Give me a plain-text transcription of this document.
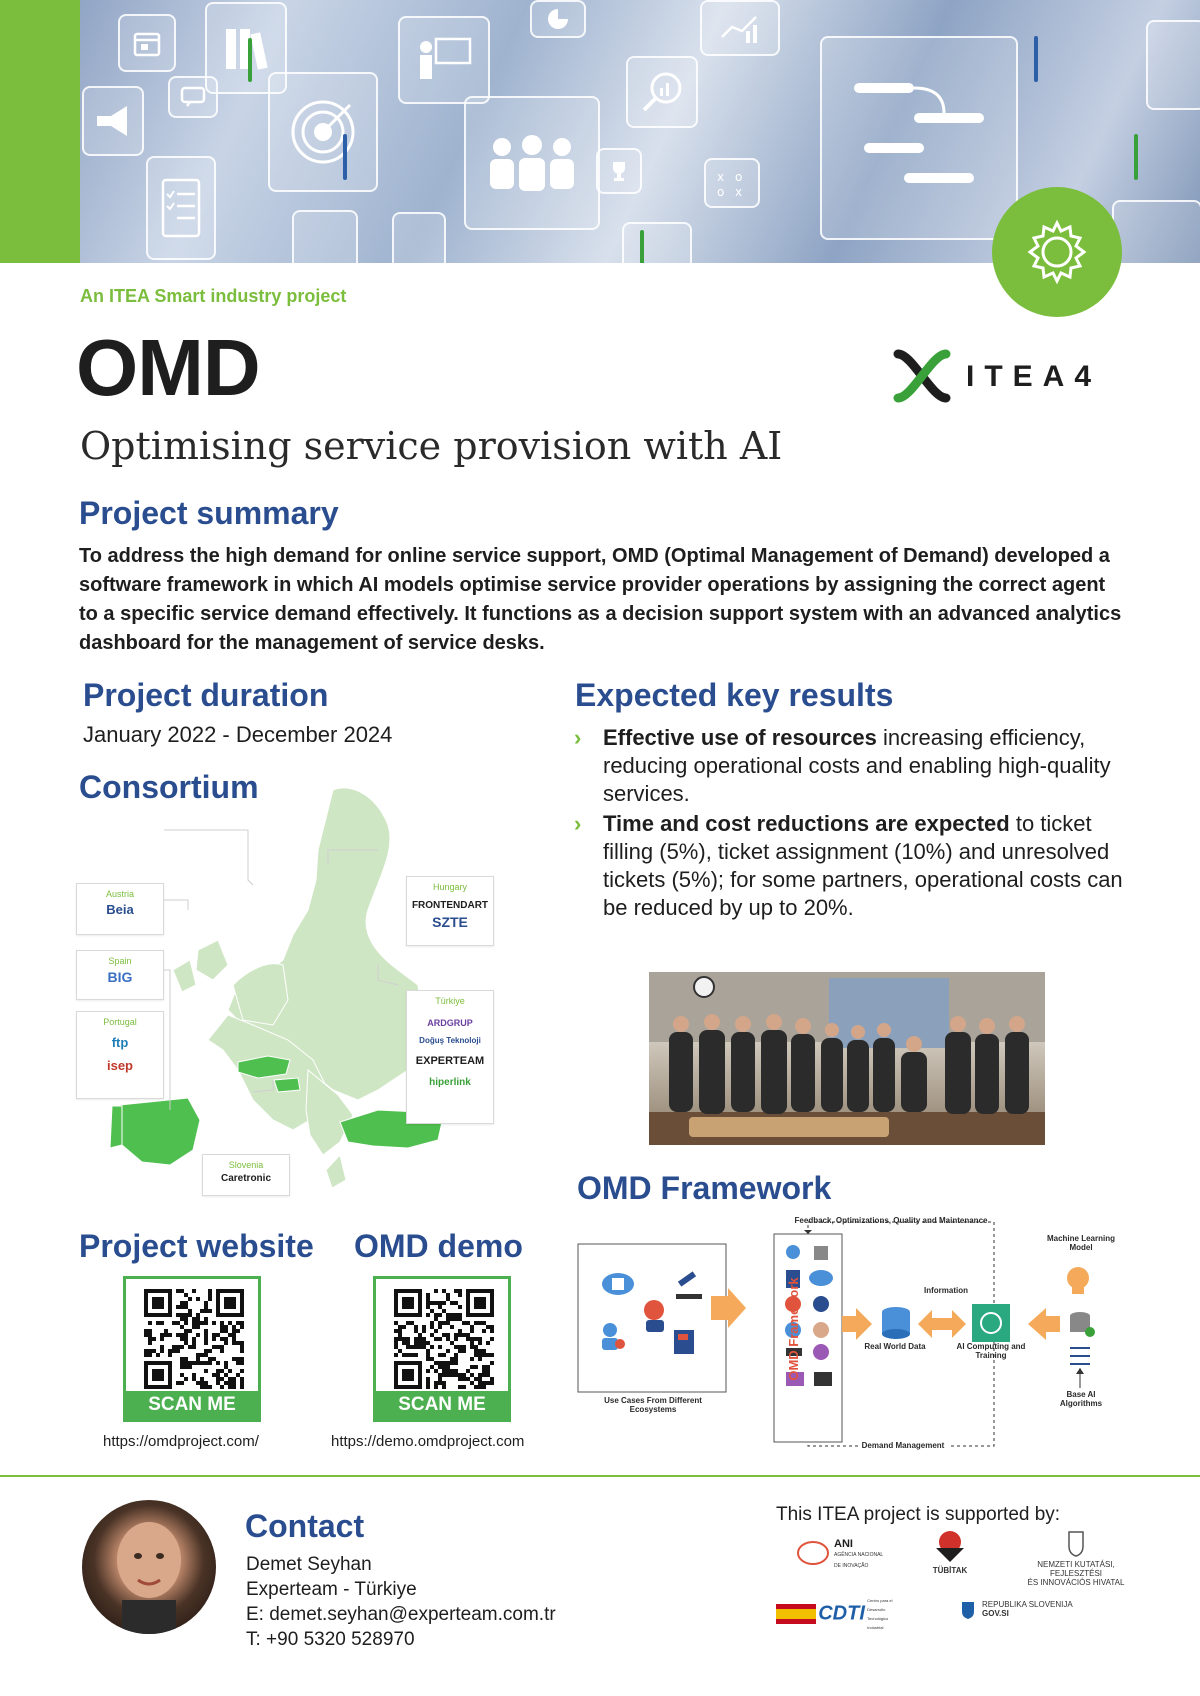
x o
o x
An ITEA Smart industry project
OMD	ITEA4
Optimising service provision with AI
Project summary
To address the high demand for online service support, OMD (Optimal Management of Demand) developed a software framework in which AI models optimise service provider operations by assigning the correct agent to a specific service demand effectively. It functions as a decision support system with an advanced analytics dashboard for the management of service desks.
Project duration
January 2022 - December 2024
Expected key results
› Effective use of resources increasing efficiency, reducing operational costs and enabling high-quality services.
› Time and cost reductions are expected to ticket filling (5%), ticket assignment (10%) and unresolved tickets (5%); for some partners, operational costs can be reduced by up to 20%.
Consortium
Austria
Beia
Spain
BIG
Portugal
ftp
isep
Slovenia
Caretronic
Hungary
FRONTENDART
SZTE
Türkiye
ARDGRUP
Doğuş Teknoloji
EXPERTEAM
hiperlink
OMD Framework
Feedback, Optimizations, Quality and Maintenance
OMD Framework
Use Cases From Different Ecosystems
Real World Data
Information
AI Computing and Training
Machine Learning Model
Base AI Algorithms
Demand Management
Project website
SCAN ME
https://omdproject.com/
OMD demo
SCAN ME
https://demo.omdproject.com
Contact
Demet Seyhan
Experteam - Türkiye
E: demet.seyhan@experteam.com.tr
T: +90 5320 528970
This ITEA project is supported by:
ANI
AGÊNCIA NACIONAL DE INOVAÇÃO	TÜBİTAK
NEMZETI KUTATÁSI, FEJLESZTÉSI
ÉS INNOVÁCIÓS HIVATAL
CDTI Centro para el Desarrollo Tecnológico Industrial
REPUBLIKA SLOVENIJA
GOV.SI
